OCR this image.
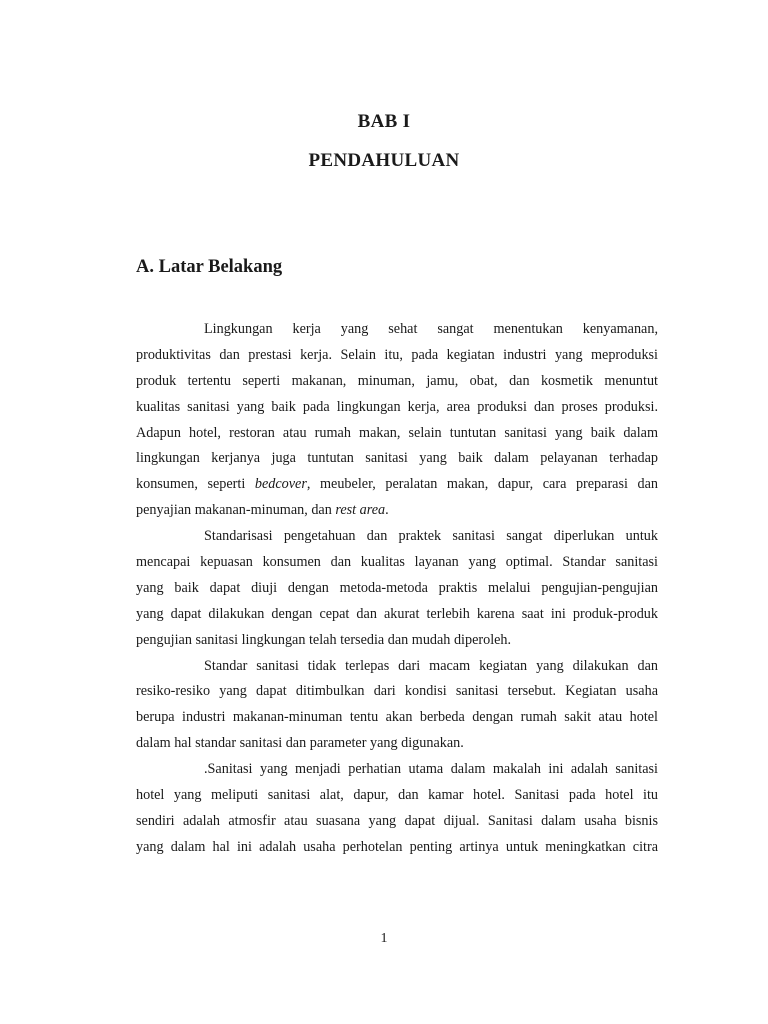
BAB I
PENDAHULUAN
A. Latar Belakang
Lingkungan kerja yang sehat sangat menentukan kenyamanan,
produktivitas dan prestasi kerja. Selain itu, pada kegiatan industri yang meproduksi
produk tertentu seperti makanan, minuman, jamu, obat, dan kosmetik menuntut
kualitas sanitasi yang baik pada lingkungan kerja, area produksi dan proses produksi.
Adapun hotel, restoran atau rumah makan, selain tuntutan sanitasi yang baik dalam
lingkungan kerjanya juga tuntutan sanitasi yang baik dalam pelayanan terhadap
konsumen, seperti bedcover, meubeler, peralatan makan, dapur, cara preparasi dan
penyajian makanan-minuman, dan rest area.
Standarisasi pengetahuan dan praktek sanitasi sangat diperlukan untuk
mencapai kepuasan konsumen dan kualitas layanan yang optimal. Standar sanitasi
yang baik dapat diuji dengan metoda-metoda praktis melalui pengujian-pengujian
yang dapat dilakukan dengan cepat dan akurat terlebih karena saat ini produk-produk
pengujian sanitasi lingkungan telah tersedia dan mudah diperoleh.
Standar sanitasi tidak terlepas dari macam kegiatan yang dilakukan dan
resiko-resiko yang dapat ditimbulkan dari kondisi sanitasi tersebut. Kegiatan usaha
berupa industri makanan-minuman tentu akan berbeda dengan rumah sakit atau hotel
dalam hal standar sanitasi dan parameter yang digunakan.
.Sanitasi yang menjadi perhatian utama dalam makalah ini adalah sanitasi
hotel yang meliputi sanitasi alat, dapur, dan kamar hotel. Sanitasi pada hotel itu
sendiri adalah atmosfir atau suasana yang dapat dijual. Sanitasi dalam usaha bisnis
yang dalam hal ini adalah usaha perhotelan penting artinya untuk meningkatkan citra
1
